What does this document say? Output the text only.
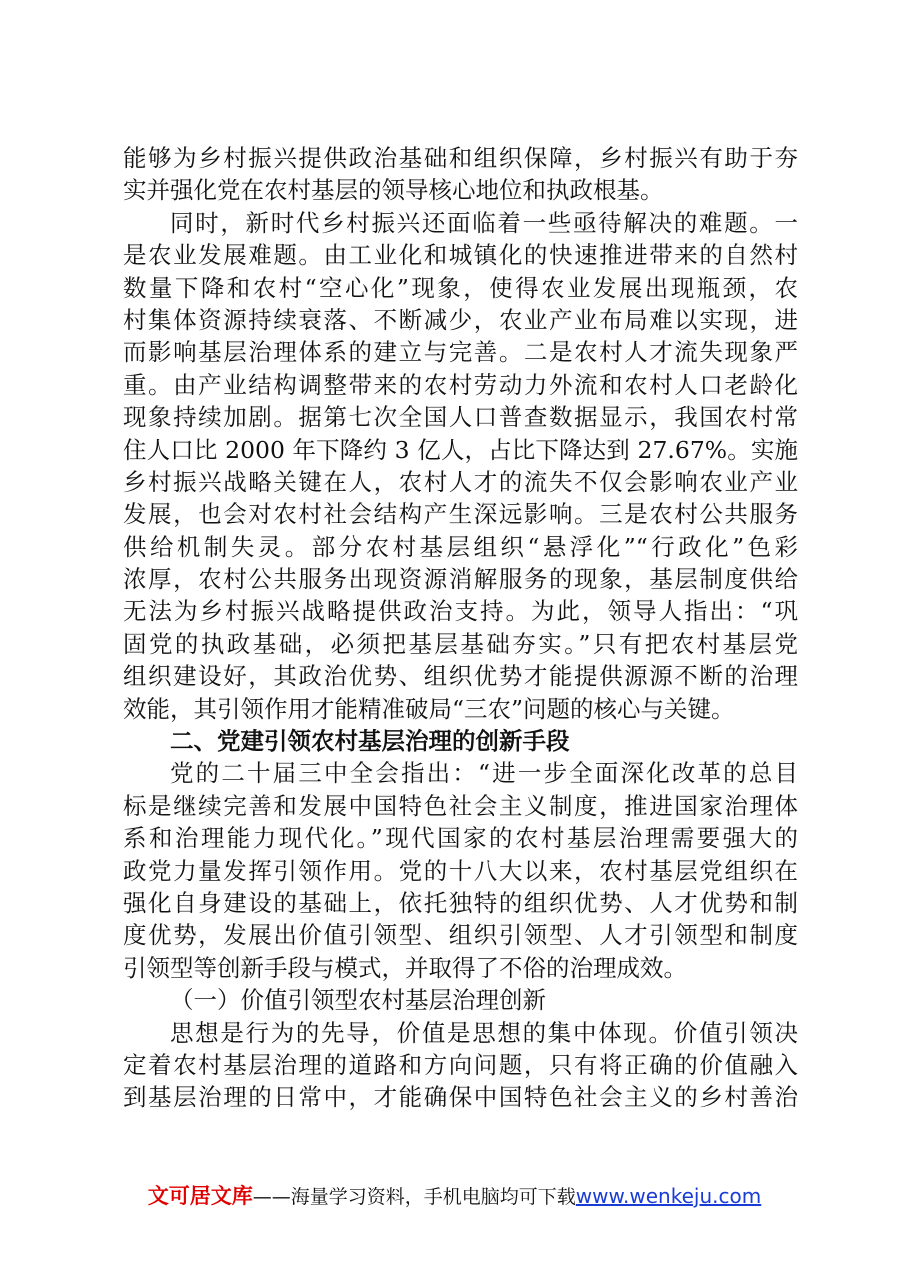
能够为乡村振兴提供政治基础和组织保障，乡村振兴有助于夯
实并强化党在农村基层的领导核心地位和执政根基。
同时，新时代乡村振兴还面临着一些亟待解决的难题。一
是农业发展难题。由工业化和城镇化的快速推进带来的自然村
数量下降和农村“空心化”现象，使得农业发展出现瓶颈，农
村集体资源持续衰落、不断减少，农业产业布局难以实现，进
而影响基层治理体系的建立与完善。二是农村人才流失现象严
重。由产业结构调整带来的农村劳动力外流和农村人口老龄化
现象持续加剧。据第七次全国人口普查数据显示，我国农村常
住人口比 2000 年下降约 3 亿人，占比下降达到 27.67%。实施
乡村振兴战略关键在人，农村人才的流失不仅会影响农业产业
发展，也会对农村社会结构产生深远影响。三是农村公共服务
供给机制失灵。部分农村基层组织“悬浮化”“行政化”色彩
浓厚，农村公共服务出现资源消解服务的现象，基层制度供给
无法为乡村振兴战略提供政治支持。为此，领导人指出：“巩
固党的执政基础，必须把基层基础夯实。”只有把农村基层党
组织建设好，其政治优势、组织优势才能提供源源不断的治理
效能，其引领作用才能精准破局“三农”问题的核心与关键。
二、党建引领农村基层治理的创新手段
党的二十届三中全会指出：“进一步全面深化改革的总目
标是继续完善和发展中国特色社会主义制度，推进国家治理体
系和治理能力现代化。”现代国家的农村基层治理需要强大的
政党力量发挥引领作用。党的十八大以来，农村基层党组织在
强化自身建设的基础上，依托独特的组织优势、人才优势和制
度优势，发展出价值引领型、组织引领型、人才引领型和制度
引领型等创新手段与模式，并取得了不俗的治理成效。
（一）价值引领型农村基层治理创新
思想是行为的先导，价值是思想的集中体现。价值引领决
定着农村基层治理的道路和方向问题，只有将正确的价值融入
到基层治理的日常中，才能确保中国特色社会主义的乡村善治
文可居文库——海量学习资料，手机电脑均可下载www.wenkeju.com
